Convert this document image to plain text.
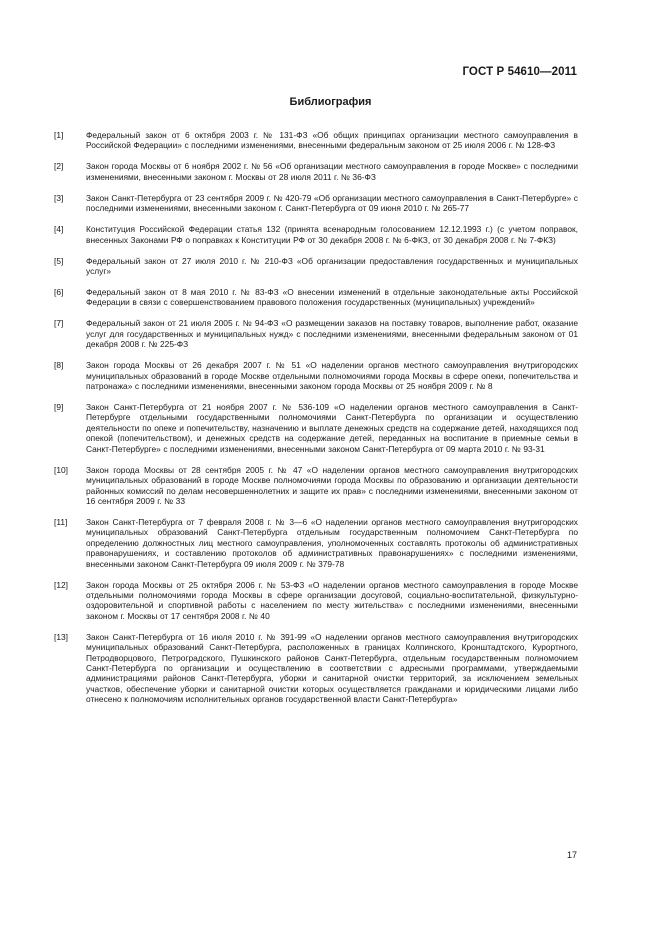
ГОСТ Р 54610—2011
Библиография
[1]	Федеральный закон от 6 октября 2003 г. № 131-ФЗ «Об общих принципах организации местного самоуправления в Российской Федерации» с последними изменениями, внесенными федеральным законом от 25 июля 2006 г. № 128-ФЗ
[2]	Закон города Москвы от 6 ноября 2002 г. № 56 «Об организации местного самоуправления в городе Москве» с последними изменениями, внесенными законом г. Москвы от 28 июля 2011 г. № 36-ФЗ
[3]	Закон Санкт-Петербурга от 23 сентября 2009 г. № 420-79 «Об организации местного самоуправления в Санкт-Петербурге» с последними изменениями, внесенными законом г. Санкт-Петербурга от 09 июня 2010 г. № 265-77
[4]	Конституция Российской Федерации статья 132 (принята всенародным голосованием 12.12.1993 г.) (с учетом поправок, внесенных Законами РФ о поправках к Конституции РФ от 30 декабря 2008 г. № 6-ФКЗ, от 30 декабря 2008 г. № 7-ФКЗ)
[5]	Федеральный закон от 27 июля 2010 г. № 210-ФЗ «Об организации предоставления государственных и муниципальных услуг»
[6]	Федеральный закон от 8 мая 2010 г. № 83-ФЗ «О внесении изменений в отдельные законодательные акты Российской Федерации в связи с совершенствованием правового положения государственных (муниципальных) учреждений»
[7]	Федеральный закон от 21 июля 2005 г. № 94-ФЗ «О размещении заказов на поставку товаров, выполнение работ, оказание услуг для государственных и муниципальных нужд» с последними изменениями, внесенными федеральным законом от 01 декабря 2008 г. № 225-ФЗ
[8]	Закон города Москвы от 26 декабря 2007 г. № 51 «О наделении органов местного самоуправления внутригородских муниципальных образований в городе Москве отдельными полномочиями города Москвы в сфере опеки, попечительства и патронажа» с последними изменениями, внесенными законом города Москвы от 25 ноября 2009 г. № 8
[9]	Закон Санкт-Петербурга от 21 ноября 2007 г. № 536-109 «О наделении органов местного самоуправления в Санкт-Петербурге отдельными государственными полномочиями Санкт-Петербурга по организации и осуществлению деятельности по опеке и попечительству, назначению и выплате денежных средств на содержание детей, находящихся под опекой (попечительством), и денежных средств на содержание детей, переданных на воспитание в приемные семьи в Санкт-Петербурге» с последними изменениями, внесенными законом Санкт-Петербурга от 09 марта 2010 г. № 93-31
[10]	Закон города Москвы от 28 сентября 2005 г. № 47 «О наделении органов местного самоуправления внутригородских муниципальных образований в городе Москве полномочиями города Москвы по образованию и организации деятельности районных комиссий по делам несовершеннолетних и защите их прав» с последними изменениями, внесенными законом от 16 сентября 2009 г. № 33
[11]	Закон Санкт-Петербурга от 7 февраля 2008 г. № 3—6 «О наделении органов местного самоуправления внутригородских муниципальных образований Санкт-Петербурга отдельным государственным полномочием Санкт-Петербурга по определению должностных лиц местного самоуправления, уполномоченных составлять протоколы об административных правонарушениях, и составлению протоколов об административных правонарушениях» с последними изменениями, внесенными законом Санкт-Петербурга 09 июля 2009 г. № 379-78
[12]	Закон города Москвы от 25 октября 2006 г. № 53-ФЗ «О наделении органов местного самоуправления в городе Москве отдельными полномочиями города Москвы в сфере организации досуговой, социально-воспитательной, физкультурно-оздоровительной и спортивной работы с населением по месту жительства» с последними изменениями, внесенными законом г. Москвы от 17 сентября 2008 г. № 40
[13]	Закон Санкт-Петербурга от 16 июля 2010 г. № 391-99 «О наделении органов местного самоуправления внутригородских муниципальных образований Санкт-Петербурга, расположенных в границах Колпинского, Кронштадтского, Курортного, Петродворцового, Петроградского, Пушкинского районов Санкт-Петербурга, отдельным государственным полномочием Санкт-Петербурга по организации и осуществлению в соответствии с адресными программами, утверждаемыми администрациями районов Санкт-Петербурга, уборки и санитарной очистки территорий, за исключением земельных участков, обеспечение уборки и санитарной очистки которых осуществляется гражданами и юридическими лицами либо отнесено к полномочиям исполнительных органов государственной власти Санкт-Петербурга»
17
